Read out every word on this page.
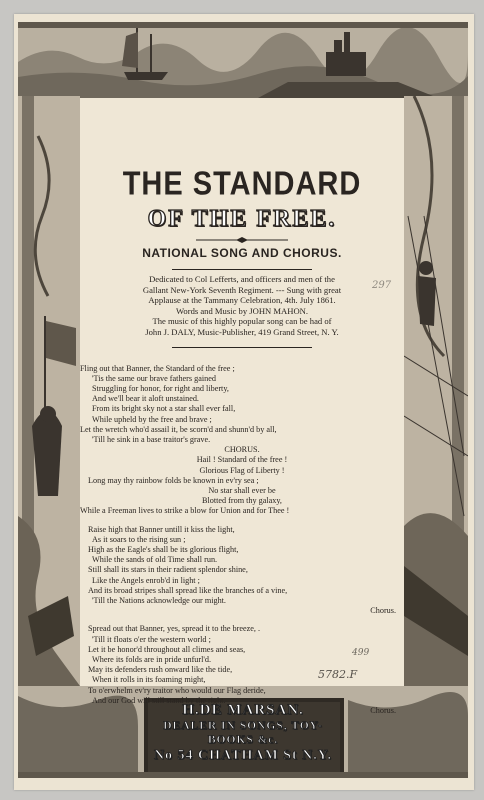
THE STANDARD
OF THE FREE.
NATIONAL SONG AND CHORUS.
Dedicated to Col Lefferts, and officers and men of the
Gallant New-York Seventh Regiment. --- Sung with great
Applause at the Tammany Celebration, 4th. July 1861.
Words and Music by JOHN MAHON.
The music of this highly popular song can be had of
John J. DALY, Music-Publisher, 419 Grand Street, N. Y.
Fling out that Banner, the Standard of the free ;
'Tis the same our brave fathers gained
Struggling for honor, for right and liberty,
And we'll bear it aloft unstained.
From its bright sky not a star shall ever fall,
While upheld by the free and brave ;
Let the wretch who'd assail it, be scorn'd and shunn'd by all,
'Till he sink in a base traitor's grave.
CHORUS.
Hail ! Standard of the free !
Glorious Flag of Liberty !
Long may thy rainbow folds be known in ev'ry sea ;
No star shall ever be
Blotted from thy galaxy,
While a Freeman lives to strike a blow for Union and for Thee !
Raise high that Banner untill it kiss the light,
As it soars to the rising sun ;
High as the Eagle's shall be its glorious flight,
While the sands of old Time shall run.
Still shall its stars in their radient splendor shine,
Like the Angels enrob'd in light ;
And its broad stripes shall spread like the branches of a vine,
'Till the Nations acknowledge our might.
Chorus.
Spread out that Banner, yes, spread it to the breeze, .
'Till it floats o'er the western world ;
Let it be honor'd throughout all climes and seas,
Where its folds are in pride unfurl'd.
May its defenders rush onward like the tide,
When it rolls in its foaming might,
To o'erwhelm ev'ry traitor who would our Flag deride,
And our God will still stand by the right.
Chorus.
297
499
5782.F
H.DE MARSAN.
DEALER IN SONGS, TOY-BOOKS &c.
No 54 CHATHAM St N.Y.
